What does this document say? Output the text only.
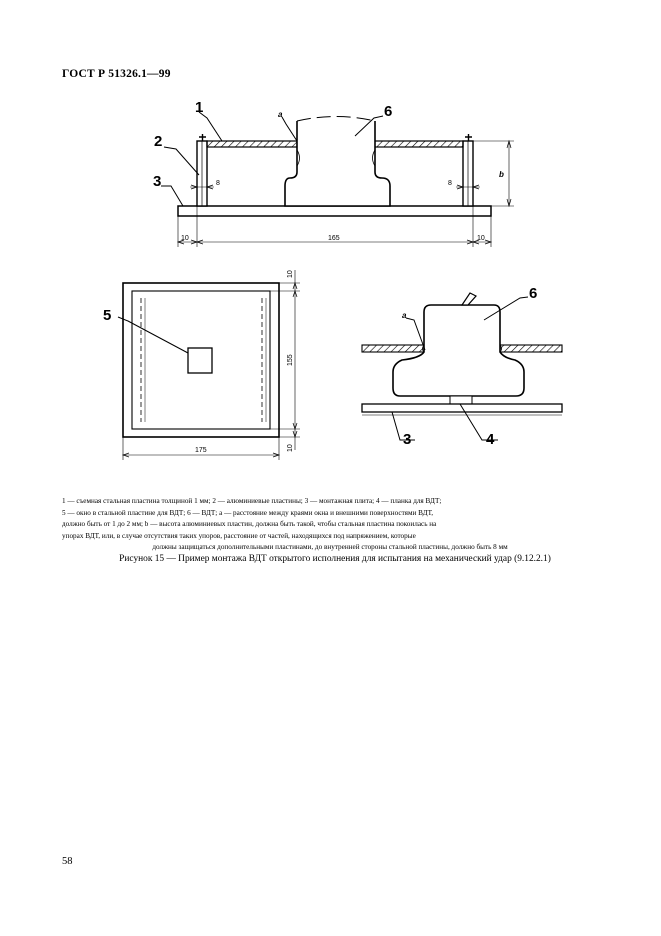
ГОСТ Р 51326.1—99
1
2
3
6
a
b
8	8
10	165	10
5
10
155
10
175
a
6
3	4
1 — съемная стальная пластина толщиной 1 мм; 2 — алюминиевые пластины; 3 — монтажная плита; 4 — планка для ВДТ;
5 — окно в стальной пластине для ВДТ; 6 — ВДТ; a — расстояние между краями окна и внешними поверхностями ВДТ,
должно быть от 1 до 2 мм; b — высота алюминиевых пластин, должна быть такой, чтобы стальная пластина покоилась на
упорах ВДТ, или, в случае отсутствия таких упоров, расстояние от частей, находящихся под напряжением, которые
должны защищаться дополнительными пластинами, до внутренней стороны стальной пластины, должно быть 8 мм
Рисунок 15 — Пример монтажа ВДТ открытого исполнения для испытания на механический удар (9.12.2.1)
58
